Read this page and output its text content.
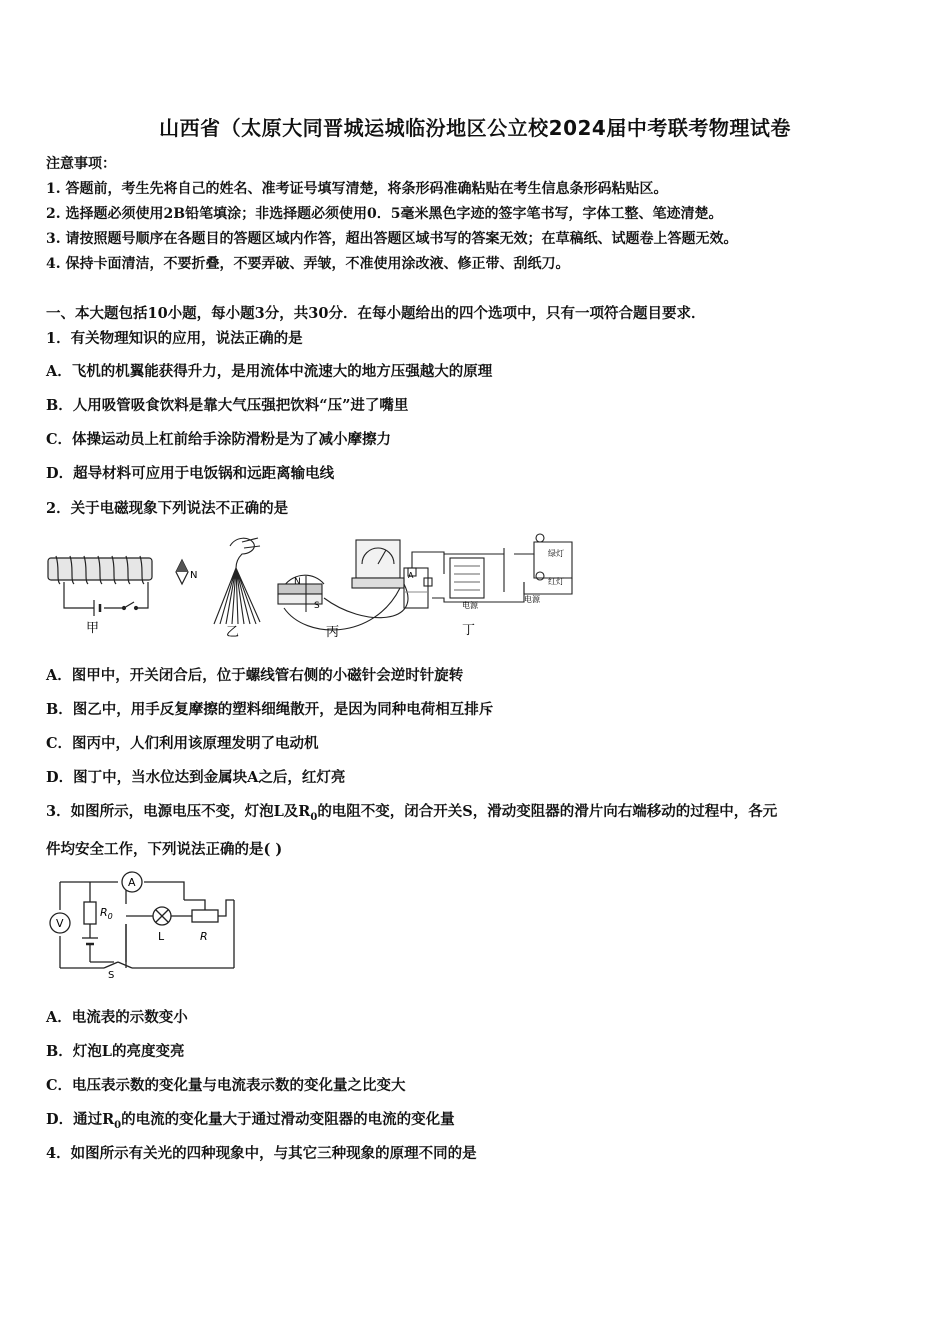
山西省（太原大同晋城运城临汾地区公立校2024届中考联考物理试卷
注意事项：
1. 答题前，考生先将自己的姓名、准考证号填写清楚，将条形码准确粘贴在考生信息条形码粘贴区。
2. 选择题必须使用2B铅笔填涂；非选择题必须使用0．5毫米黑色字迹的签字笔书写，字体工整、笔迹清楚。
3. 请按照题号顺序在各题目的答题区域内作答，超出答题区域书写的答案无效；在草稿纸、试题卷上答题无效。
4. 保持卡面清洁，不要折叠，不要弄破、弄皱，不准使用涂改液、修正带、刮纸刀。
一、本大题包括10小题，每小题3分，共30分．在每小题给出的四个选项中，只有一项符合题目要求．
1．有关物理知识的应用，说法正确的是
A．飞机的机翼能获得升力，是用流体中流速大的地方压强越大的原理
B．人用吸管吸食饮料是靠大气压强把饮料“压”进了嘴里
C．体操运动员上杠前给手涂防滑粉是为了减小摩擦力
D．超导材料可应用于电饭锅和远距离输电线
2．关于电磁现象下列说法不正确的是
N
甲	乙
N
S
丙
A
绿灯
红灯
电源
电源
丁
A．图甲中，开关闭合后，位于螺线管右侧的小磁针会逆时针旋转
B．图乙中，用手反复摩擦的塑料细绳散开，是因为同种电荷相互排斥
C．图丙中，人们利用该原理发明了电动机
D．图丁中，当水位达到金属块A之后，红灯亮
3．如图所示，电源电压不变，灯泡L及$R_0$的电阻不变，闭合开关S，滑动变阻器的滑片向右端移动的过程中，各元
件均安全工作，下列说法正确的是( )
A
V
$R_0$
L	R
S
A．电流表的示数变小
B．灯泡L的亮度变亮
C．电压表示数的变化量与电流表示数的变化量之比变大
D．通过$R_0$的电流的变化量大于通过滑动变阻器的电流的变化量
4．如图所示有关光的四种现象中，与其它三种现象的原理不同的是
